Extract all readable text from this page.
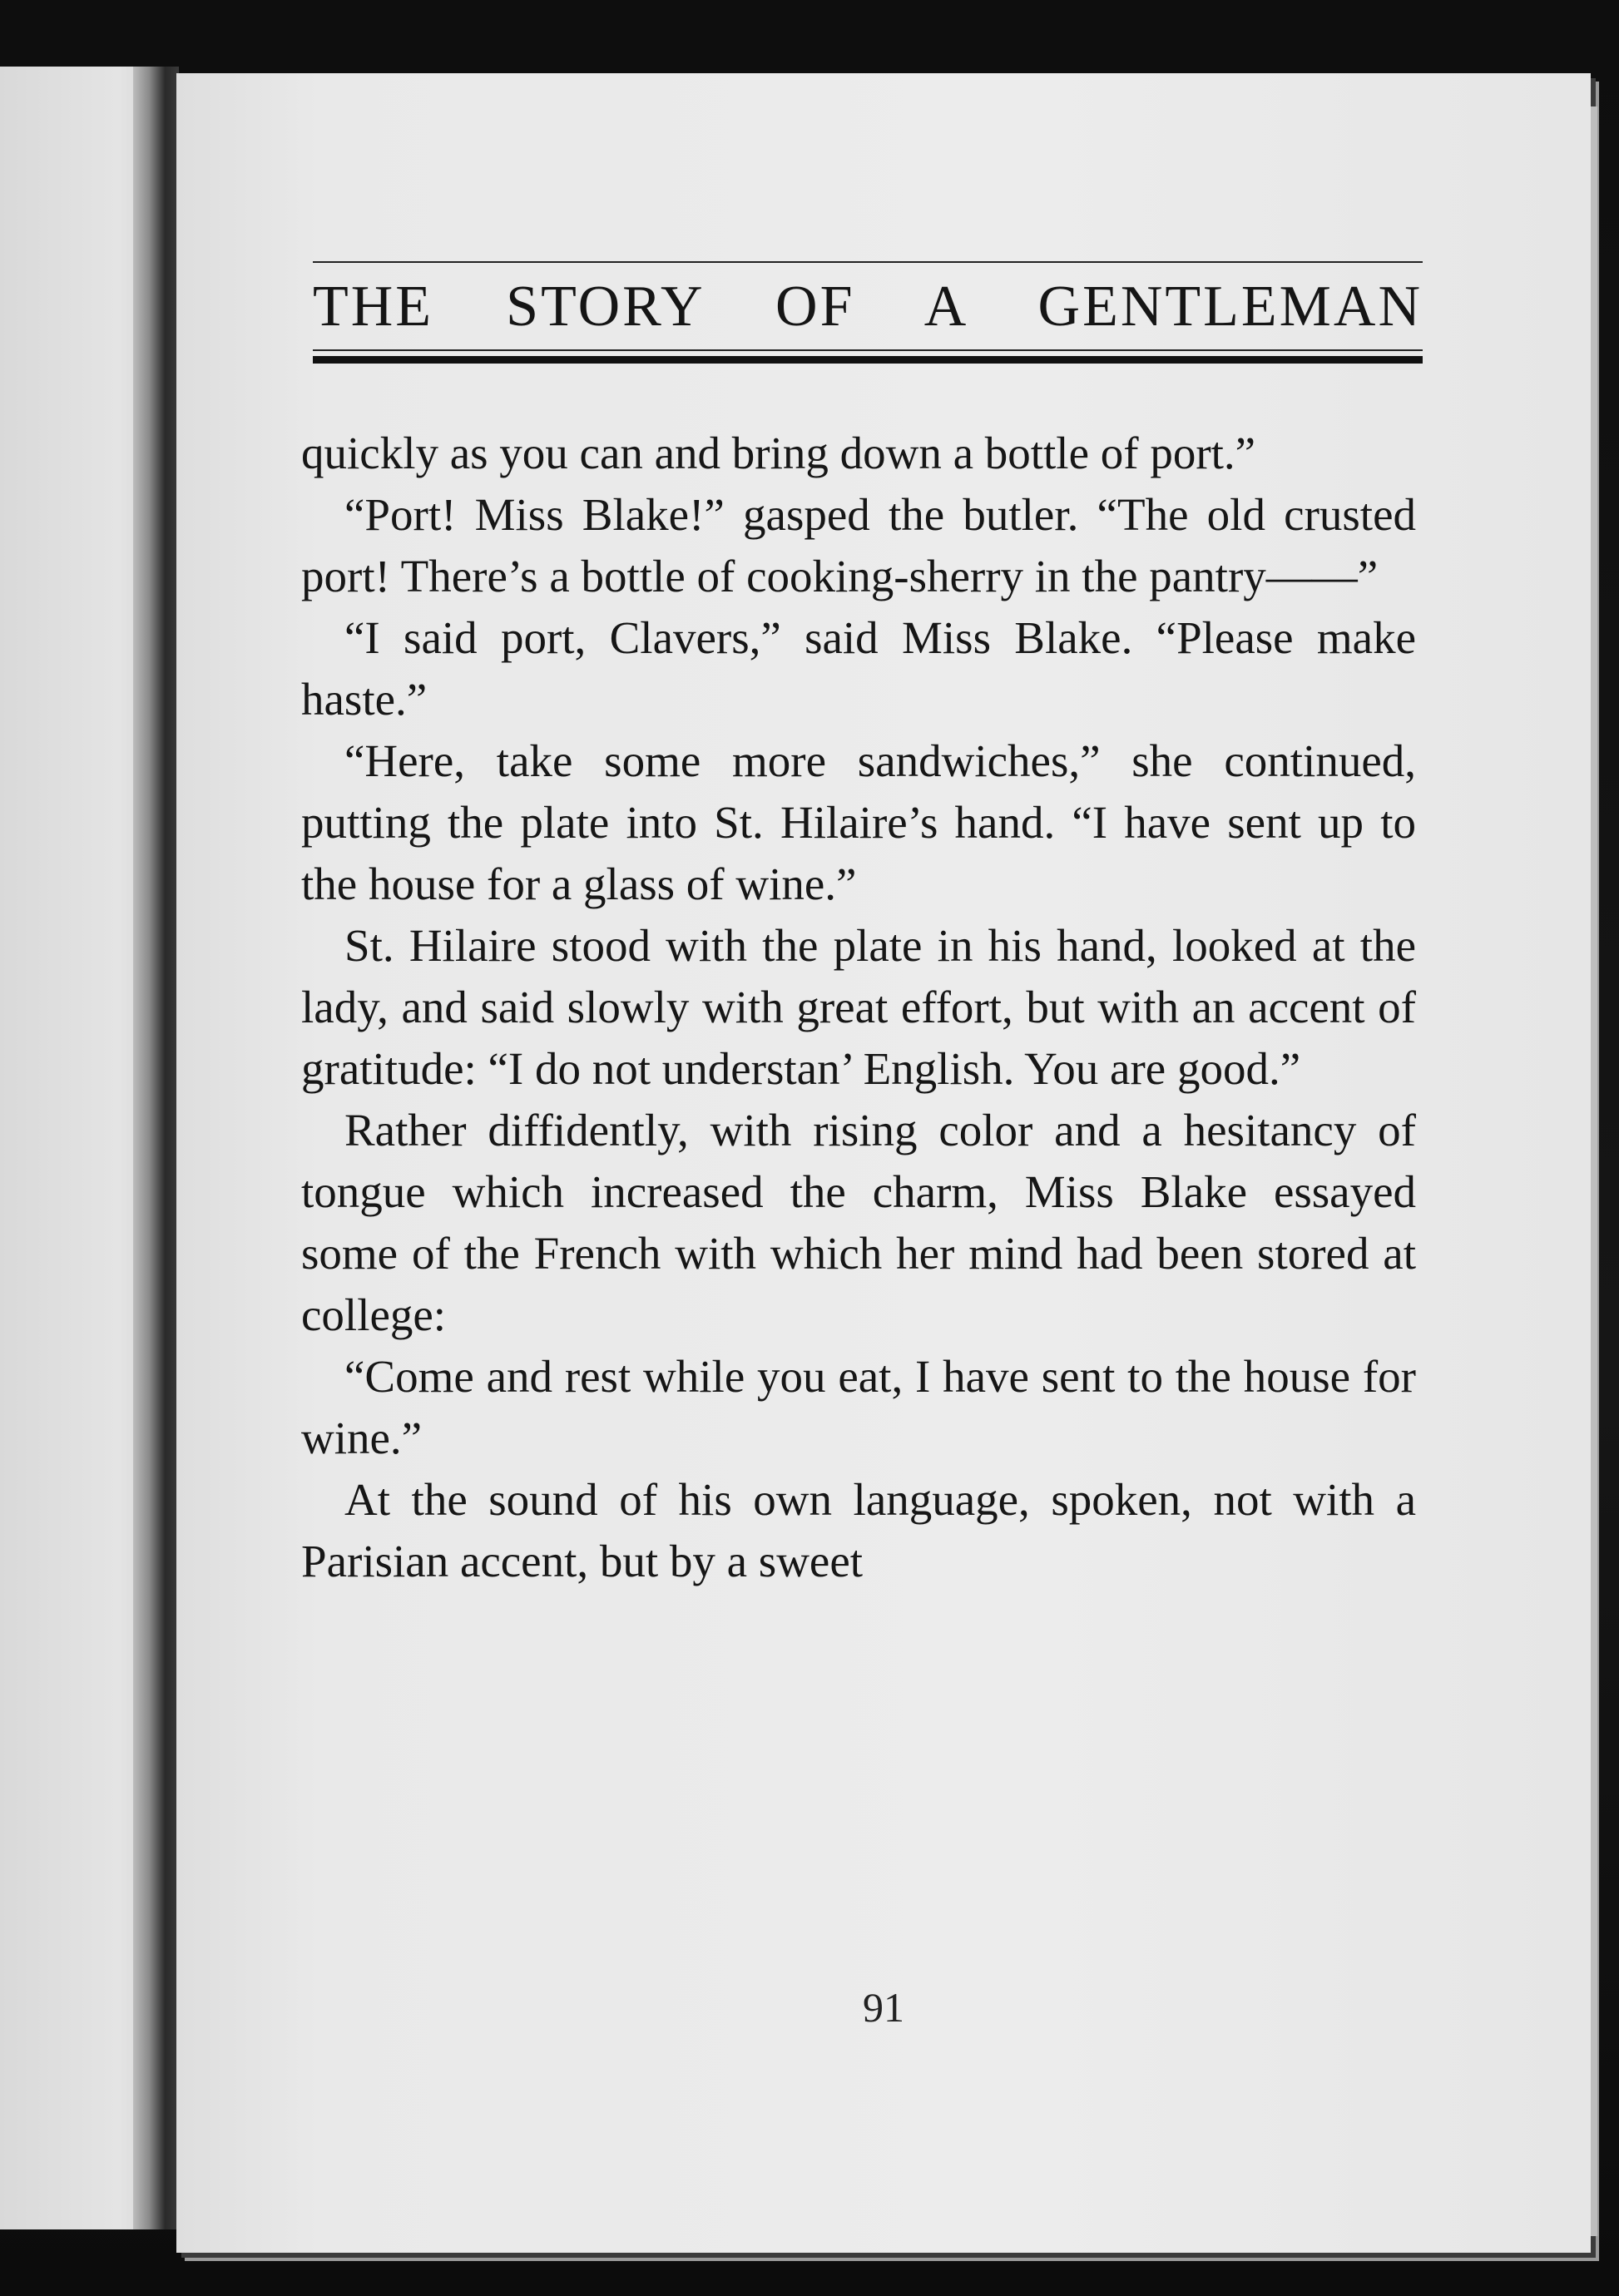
THE STORY OF A GENTLEMAN

quickly as you can and bring down a bottle of port.”

“Port! Miss Blake!” gasped the butler. “The old crusted port! There’s a bottle of cooking-sherry in the pantry——”

“I said port, Clavers,” said Miss Blake. “Please make haste.”

“Here, take some more sandwiches,” she continued, putting the plate into St. Hilaire’s hand. “I have sent up to the house for a glass of wine.”

St. Hilaire stood with the plate in his hand, looked at the lady, and said slowly with great effort, but with an accent of gratitude: “I do not understan’ English. You are good.”

Rather diffidently, with rising color and a hesitancy of tongue which increased the charm, Miss Blake essayed some of the French with which her mind had been stored at college:

“Come and rest while you eat, I have sent to the house for wine.”

At the sound of his own language, spoken, not with a Parisian accent, but by a sweet

91
